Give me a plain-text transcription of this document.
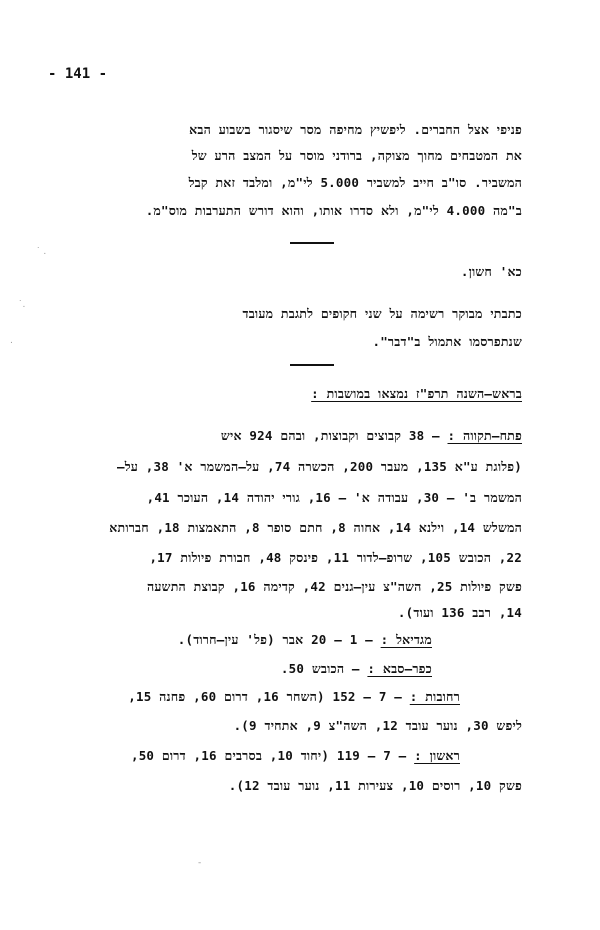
- 141 -
פניפי אצל החברים. ליפשיץ מחיפה מסר שיסגור בשבוע הבא
את המטבחים מחוך מצוקה, ברודני מוסר על המצב הרע של
המשביר. סו"ב חייב למשביר 5.000 לי"מ, ומלבד זאת קבל
ב"מה 4.000 לי"מ, ולא סדרו אותו, והוא דורש התערבות מוס"מ.
כא' חשון.
כתבתי מבוקר רשימה על שני חקופים לתגבת מעובד
שנתפרסמו אתמול ב"דבר".
בראש–השנה תרפ"ז נמצאו במושבות :
פתח–תקווה : – 38 קבוצים וקבוצות, ובהם 924 איש
(פלוגת ע"א 135, מעבר 200, הכשרה 74, על–המשמר א' 38, על–
המשמר ב' – 30, עבודה א' – 16, גורי יהודה 14, העוכר 41,
המשלש 14, וילנא 14, אחוה 8, חתם סופר 8, התאמצות 18, חברותא
22, הכובש 105, שרופ–לדור 11, פינסק 48, חבורת פיולות 17,
פשק פיולות 25, השה"צ עין–גנים 42, קדימה 16, קבוצת התשעה
14, רבב 136 ועוד).
מגדיאל : – 1 – 20 אבר (פל' עין–חרוד).
כפר–סבא : – הכובש 50.
רחובות : – 7 – 152 (השחר 16, דרום 60, פחנה 15,
ליפש 30, נוער עובד 12, השה"צ 9, אתחיד 9).
ראשון : – 7 – 119 (יחוד 10, בסרבים 16, דרום 50,
פשק 10, רוסים 10, צעירות 11, נוער עובד 12).
˙ .
˙.
.
-
